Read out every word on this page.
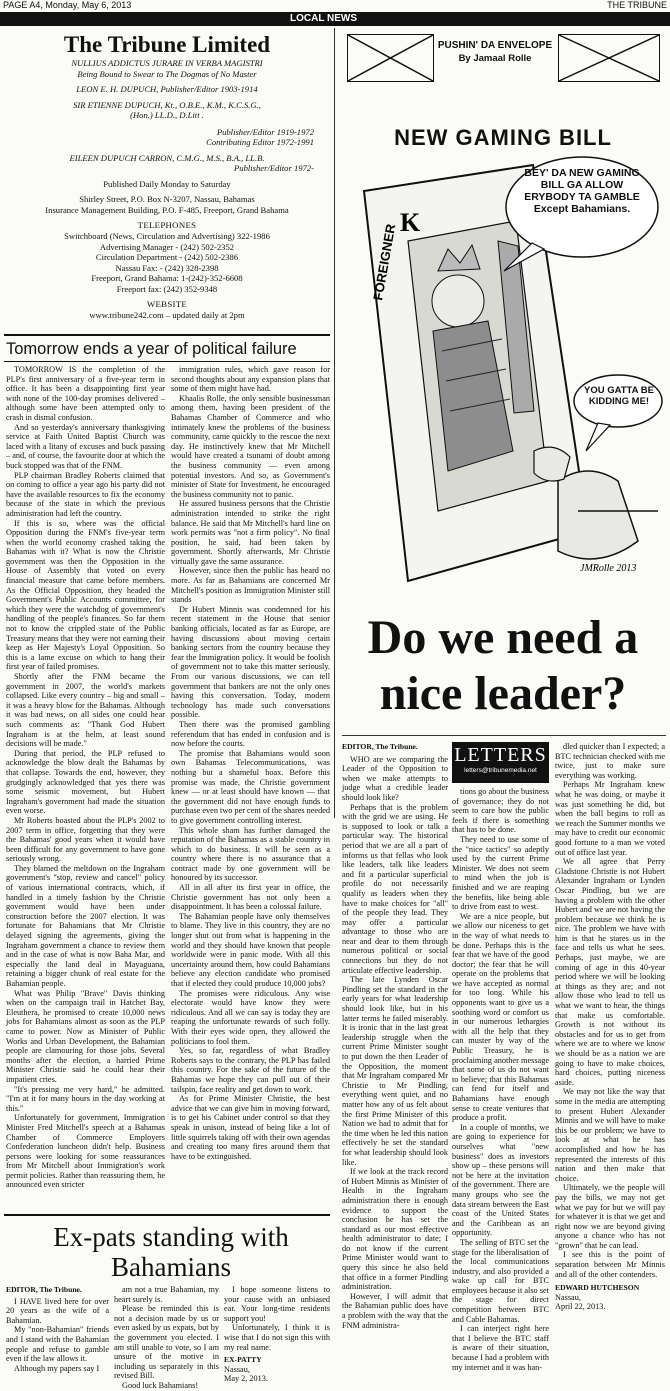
PAGE A4, Monday, May 6, 2013	THE TRIBUNE
LOCAL NEWS
The Tribune Limited
NULLIUS ADDICTUS JURARE IN VERBA MAGISTRI
Being Bound to Swear to The Dogmas of No Master
LEON E. H. DUPUCH, Publisher/Editor 1903-1914
SIR ETIENNE DUPUCH, Kt., O.B.E., K.M., K.C.S.G.,
(Hon.) LL.D., D.Litt .
Publisher/Editor 1919-1972
Contributing Editor 1972-1991
EILEEN DUPUCH CARRON, C.M.G., M.S., B.A., LL.B.
Publisher/Editor 1972-
Published Daily Monday to Saturday
Shirley Street, P.O. Box N-3207, Nassau, Bahamas
Insurance Management Building, P.O. F-485, Freeport, Grand Bahama
TELEPHONES
Switchboard (News, Circulation and Advertising) 322-1986
Advertising Manager - (242) 502-2352
Circulation Department - (242) 502-2386
Nassau Fax: - (242) 328-2398
Freeport, Grand Bahama: 1-(242)-352-6608
Freeport fax: (242) 352-9348
WEBSITE
www.tribune242.com – updated daily at 2pm
Tomorrow ends a year of political failure

TOMORROW IS the completion of the PLP's first anniversary of a five-year term in office. It has been a disappointing first year with none of the 100-day promises delivered – although some have been attempted only to crash in dismal confusion.

And so yesterday's anniversary thanksgiving service at Faith United Baptist Church was laced with a litany of excuses and buck passing – and, of course, the favourite door at which the buck stopped was that of the FNM.

PLP chairman Bradley Roberts claimed that on coming to office a year ago his party did not have the available resources to fix the economy because of the state in which the previous administration had left the country.

If this is so, where was the official Opposition during the FNM's five-year term when the world economy crashed taking the Bahamas with it? What is now the Christie government was then the Opposition in the House of Assembly that voted on every financial measure that came before members. As the Official Opposition, they headed the Government's Public Accounts committee, for which they were the watchdog of government's handling of the people's finances. So far them not to know the crippled state of the Public Treasury means that they were not earning their keep as Her Majesty's Loyal Opposition. So this is a lame excuse on which to hang their first year of failed promises.

Shortly after the FNM became the government in 2007, the world's markets collapsed. Like every country – big and small – it was a heavy blow for the Bahamas. Although it was bad news, on all sides one could hear such comments as: "Thank God Hubert Ingraham is at the helm, at least sound decisions will be made."

During that period, the PLP refused to acknowledge the blow dealt the Bahamas by that collapse. Towards the end, however, they grudgingly acknowledged that yes there was some seismic movement, but Hubert Ingraham's government had made the situation even worse.

Mr Roberts boasted about the PLP's 2002 to 2007 term in office, forgetting that they were the Bahamas' good years when it would have been difficult for any government to have gone seriously wrong.

They blamed the meltdown on the Ingraham government's "stop, review and cancel" policy of various international contracts, which, if handled in a timely fashion by the Christie government would have been under construction before the 2007 election. It was fortunate for Bahamians that Mr Christie delayed signing the agreements, giving the Ingraham government a chance to review them and in the case of what is now Baha Mar, and especially the land deal in Mayaguana, retaining a bigger chunk of real estate for the Bahamian people.

What was Philip "Brave" Davis thinking when on the campaign trail in Hatchet Bay, Eleuthera, he promised to create 10,000 news jobs for Bahamians almost as soon as the PLP came to power. Now as Minister of Public Works and Urban Development, the Bahamian people are clamouring for those jobs. Several months after the election, a harried Prime Minister Christie said he could hear their impatient cries.

"It's pressing me very hard," he admitted. "I'm at it for many hours in the day working at this."

Unfortunately for government, Immigration Minister Fred Mitchell's speech at a Bahamas Chamber of Commerce Employers Confederation luncheon didn't help. Business persons were looking for some reassurances from Mr Mitchell about Immigration's work permit policies. Rather than reassuring them, he announced even stricter

immigration rules, which gave reason for second thoughts about any expansion plans that some of them might have had.

Khaalis Rolle, the only sensible businessman among them, having been president of the Bahamas Chamber of Commerce and who intimately knew the problems of the business community, came quickly to the rescue the next day. He instinctively knew that Mr Mitchell would have created a tsunami of doubt among the business community — even among potential investors. And so, as Government's minister of State for Investment, he encouraged the business community not to panic.

He assured business persons that the Christie administration intended to strike the right balance. He said that Mr Mitchell's hard line on work permits was "not a firm policy". No final position, he said, had been taken by government. Shortly afterwards, Mr Christie virtually gave the same assurance.

However, since then the public has heard no more. As far as Bahamians are concerned Mr Mitchell's position as Immigration Minister still stands

Dr Hubert Minnis was condemned for his recent statement in the House that senior banking officials, located as far as Europe, are having discussions about moving certain banking sectors from the country because they fear the Immigration policy. It would be foolish of government not to take this matter seriously. From our various discussions, we can tell government that bankers are not the only ones having this conversation. Today, modern technology has made such conversations possible.

Then there was the promised gambling referendum that has ended in confusion and is now before the courts.

The promise that Bahamians would soon own Bahamas Telecommunications, was nothing but a shameful hoax. Before this promise was made, the Christie government knew — or at least should have known — that the government did not have enough funds to purchase even two per cent of the shares needed to give government controlling interest.

This whole sham has further damaged the reputation of the Bahamas as a stable country in which to do business. It will be seen as a country where there is no assurance that a contract made by one government will be honoured by its successor.

All in all after its first year in office, the Christie government has not only been a disappointment. It has been a colossal failure.

The Bahamian people have only themselves to blame. They live in this country, they are no longer shut out from what is happening in the world and they should have known that people worldwide were in panic mode. With all this uncertainty around them, how could Bahamians believe any election candidate who promised that if elected they could produce 10,000 jobs?

The promises were ridiculous. Any wise electorate would have know they were ridiculous. And all we can say is today they are reaping the unfortunate rewards of such folly. With their eyes wide open, they allowed the politicians to fool them.

Yes, so far, regardless of what Bradley Roberts says to the contrary, the PLP has failed this country. For the sake of the future of the Bahamas we hope they can pull out of their tailspin, face reality and get down to work.

As for Prime Minister Christie, the best advice that we can give him in moving forward, is to get his Cabinet under control so that they speak in unison, instead of being like a lot of little squirrels taking off with their own agendas and creating too many fires around them that have to be extinguished.

PUSHIN' DA ENVELOPE
By Jamaal Rolle
NEW GAMING BILL
K
FOREIGNER
BEY' DA NEW GAMING BILL GA ALLOW ERYBODY TA GAMBLE Except Bahamians.
YOU GATTA BE KIDDING ME!
JMRolle 2013
Do we need a nice leader?
LETTERS
letters@tribunemedia.net
EDITOR, The Tribune.

WHO are we comparing the Leader of the Opposition to when we make attempts to judge what a credible leader should look like?

Perhaps that is the problem with the grid we are using. He is supposed to look or talk a particular way. The historical period that we are all a part of informs us that fellas who look like leaders, talk like leaders and fit a particular superficial profile do not necessarily qualify as leaders when they have to make choices for "all" of the people they lead. They may offer a particular advantage to those who are near and dear to them through numerous political or social connections but they do not articulate effective leadership.

The late Lynden Oscar Pindling set the standard in the early years for what leadership should look like, but in his latter terms he failed miserably. It is ironic that in the last great leadership struggle when the current Prime Minister sought to put down the then Leader of the Opposition, the moment that Mr Ingraham compared Mr Christie to Mr Pindling, everything went quiet, and no matter how any of us felt about the first Prime Minister of this Nation we had to admit that for the time when he led this nation effectively he set the standard for what leadership should look like.

If we look at the track record of Hubert Minnis as Minister of Health in the Ingraham administration there is enough evidence to support the conclusion he has set the standard as our most effective health administrator to date; I do not know if the current Prime Minister would want to query this since he also held that office in a former Pindling administration.

However, I will admit that the Bahamian public does have a problem with the way that the FNM administra-

tions go about the business of governance; they do not seem to care how the public feels if there is something that has to be done.

They need to use some of the "nice tactics" so adeptly used by the current Prime Minister. We does not seem to mind when the job is finished and we are reaping the benefits, like being able to drive from east to west.

We are a nice people, but we allow our niceness to get in the way of what needs to be done. Perhaps this is the fear that we have of the good doctor; the fear that he will operate on the problems that we have accepted as normal for too long. While his opponents want to give us a soothing word or comfort us in our numerous lethargies with all the help that they can muster by way of the Public Treasury, he is proclaiming another message that some of us do not want to believe; that this Bahamas can fend for itself and Bahamians have enough sense to create ventures that produce a profit.

In a couple of months, we are going to experience for ourselves what "new business" does as investors show up – these persons will not be here at the invitation of the government. There are many groups who see the data stream between the East coast of the United States and the Caribbean as an opportunity.

The selling of BTC set the stage for the liberalisation of the local communications industry, and also provided a wake up call for BTC employees because it also set the stage for direct competition between BTC and Cable Bahamas.

I can interject right here that I believe the BTC staff is aware of their situation, because I had a problem with my internet and it was han-

dled quicker than I expected; a BTC technician checked with me twice, just to make sure everything was working.

Perhaps Mr Ingraham knew what he was doing, or maybe it was just something he did, but when the ball begins to roll as we reach the Summer months we may have to credit our economic good fortune to a man we voted out of office last year.

We all agree that Perry Gladstone Christie is not Hubert Alexander Ingraham or Lynden Oscar Pindling, but we are having a problem with the other Hubert and we are not having the problem because we think he is nice. The problem we have with him is that he stares us in the face and tells us what he sees. Perhaps, just maybe, we are coming of age in this 40-year period where we will be looking at things as they are; and not allow those who lead to tell us what we want to hear, the things that make us comfortable. Growth is not without its obstacles and for us to get from where we are to where we know we should be as a nation we are going to have to make choices, hard choices, putting niceness aside.

We may not like the way that some in the media are attempting to present Hubert Alexander Minnis and we will have to make this be our problem; we have to look at what he has accomplished and how he has represented the interests of this nation and then make that choice.

Ultimately, we the people will pay the bills, we may not get what we pay for but we will pay for whatever it is that we get and right now we are beyond giving anyone a chance who has not "grown" that he can lead.

I see this is the point of separation between Mr Minnis and all of the other contenders.

EDWARD HUTCHESON
Nassau,
April 22, 2013.
Ex-pats standing with Bahamians
EDITOR, The Tribune.

I HAVE lived here for over 20 years as the wife of a Bahamian.

My "non-Bahamian" friends and I stand with the Bahamian people and refuse to gamble even if the law allows it.

Although my papers say I

am not a true Bahamian, my heart surely is.

Please be reminded this is not a decision made by us or even asked by us expats, but by the government you elected. I am still unable to vote, so I am unsure of the motive in including us separately in this revised Bill.

Good luck Bahamians!

I hope someone listens to your cause with an unbiased ear. Your long-time residents support you!

Unfortunately, I think it is wise that I do not sign this with my real name.

EX-PATTY
Nassau,
May 2, 2013.
